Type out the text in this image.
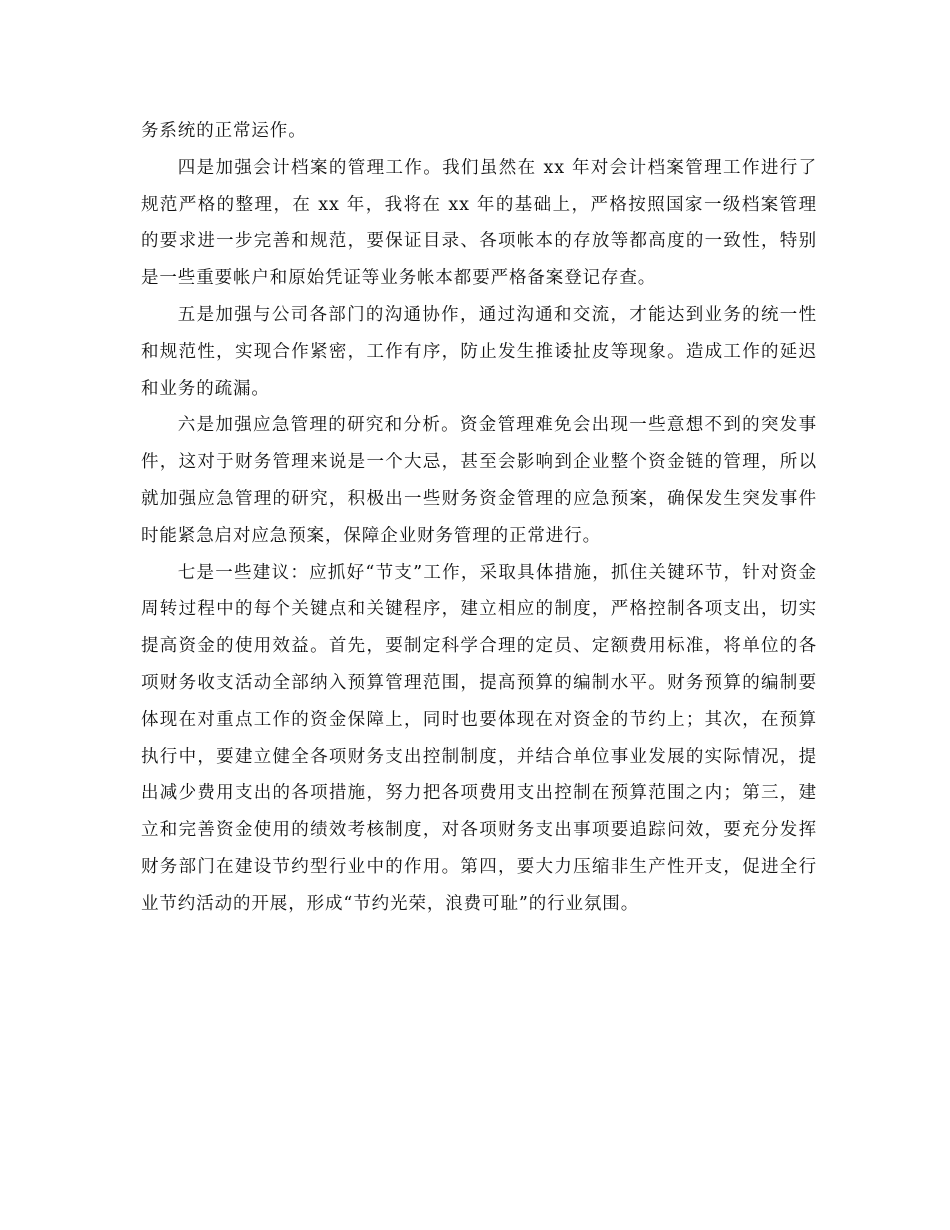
务系统的正常运作。

四是加强会计档案的管理工作。我们虽然在 xx 年对会计档案管理工作进行了规范严格的整理，在 xx 年，我将在 xx 年的基础上，严格按照国家一级档案管理的要求进一步完善和规范，要保证目录、各项帐本的存放等都高度的一致性，特别是一些重要帐户和原始凭证等业务帐本都要严格备案登记存查。

五是加强与公司各部门的沟通协作，通过沟通和交流，才能达到业务的统一性和规范性，实现合作紧密，工作有序，防止发生推诿扯皮等现象。造成工作的延迟和业务的疏漏。

六是加强应急管理的研究和分析。资金管理难免会出现一些意想不到的突发事件，这对于财务管理来说是一个大忌，甚至会影响到企业整个资金链的管理，所以就加强应急管理的研究，积极出一些财务资金管理的应急预案，确保发生突发事件时能紧急启对应急预案，保障企业财务管理的正常进行。

七是一些建议：应抓好“节支”工作，采取具体措施，抓住关键环节，针对资金周转过程中的每个关键点和关键程序，建立相应的制度，严格控制各项支出，切实提高资金的使用效益。首先，要制定科学合理的定员、定额费用标准，将单位的各项财务收支活动全部纳入预算管理范围，提高预算的编制水平。财务预算的编制要体现在对重点工作的资金保障上，同时也要体现在对资金的节约上；其次，在预算执行中，要建立健全各项财务支出控制制度，并结合单位事业发展的实际情况，提出减少费用支出的各项措施，努力把各项费用支出控制在预算范围之内；第三，建立和完善资金使用的绩效考核制度，对各项财务支出事项要追踪问效，要充分发挥财务部门在建设节约型行业中的作用。第四，要大力压缩非生产性开支，促进全行业节约活动的开展，形成“节约光荣，浪费可耻”的行业氛围。
